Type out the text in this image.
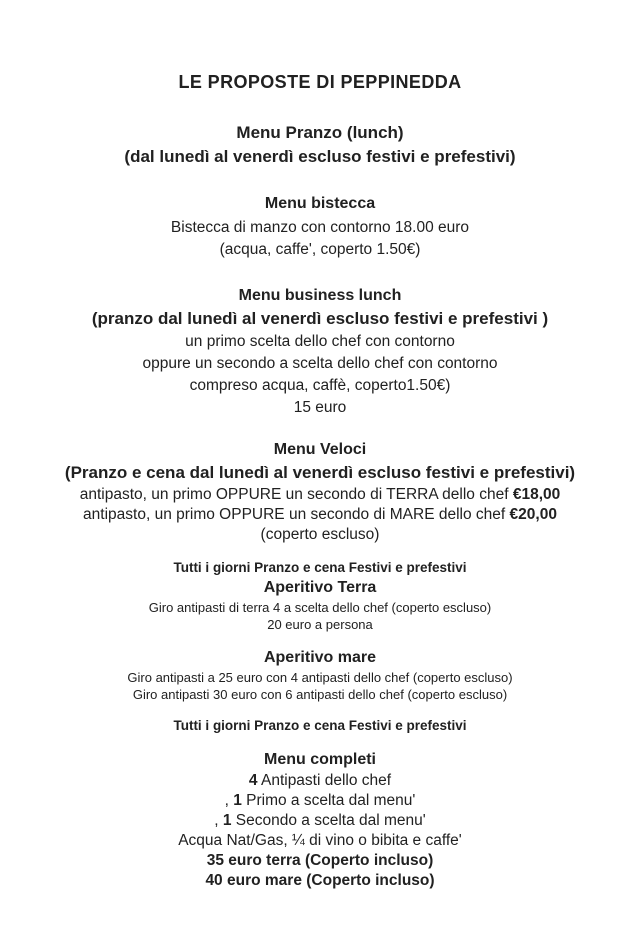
LE PROPOSTE DI PEPPINEDDA

Menu Pranzo (lunch)

(dal lunedì al venerdì escluso festivi e prefestivi)

Menu bistecca

Bistecca di manzo con contorno 18.00 euro

(acqua, caffe', coperto 1.50€)

Menu business lunch

(pranzo dal lunedì al venerdì escluso festivi e prefestivi )

un primo scelta dello chef con contorno

oppure un secondo a scelta dello chef con contorno

compreso acqua, caffè, coperto1.50€)

15 euro

Menu Veloci

(Pranzo e cena dal lunedì al venerdì escluso festivi e prefestivi)

antipasto, un primo OPPURE un secondo di TERRA dello chef €18,00

antipasto, un primo OPPURE un secondo di MARE dello chef €20,00

(coperto escluso)

Tutti i giorni Pranzo e cena Festivi e prefestivi

Aperitivo Terra

Giro antipasti di terra 4 a scelta dello chef (coperto escluso)

20 euro a persona

Aperitivo mare

Giro antipasti a 25 euro con 4 antipasti dello chef (coperto escluso)

Giro antipasti 30 euro con 6 antipasti dello chef (coperto escluso)

Tutti i giorni Pranzo e cena Festivi e prefestivi

Menu completi

4 Antipasti dello chef

, 1 Primo a scelta dal menu'

, 1 Secondo a scelta dal menu'

Acqua Nat/Gas, ¼ di vino o bibita e caffe'

35 euro terra (Coperto incluso)

40 euro mare (Coperto incluso)
